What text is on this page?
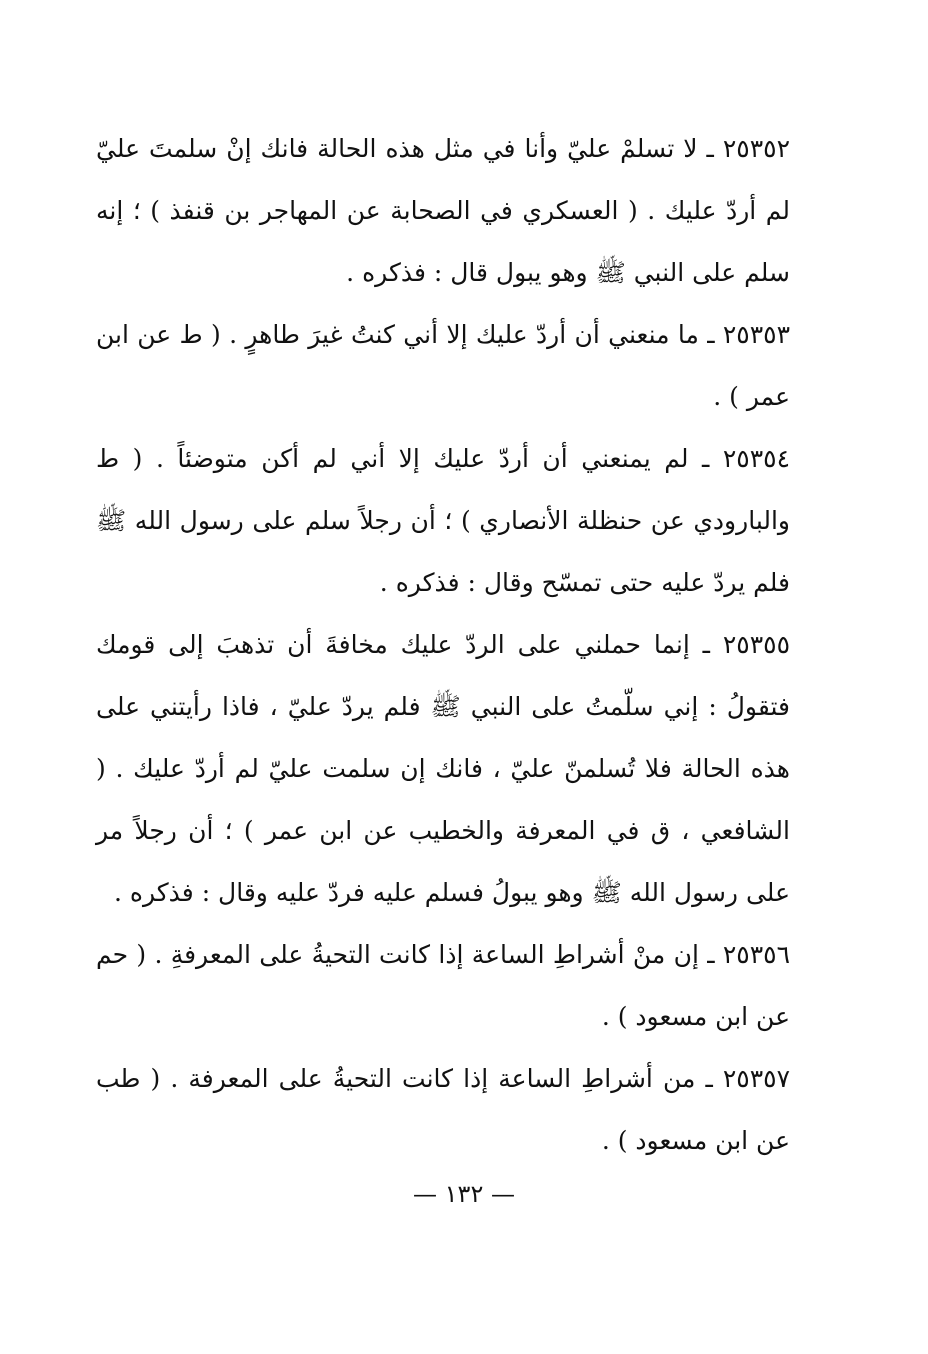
٢٥٣٥٢ ـ لا تسلمْ عليّ وأنا في مثل هذه الحالة فانك إنْ سلمتَ عليّ لم أردّ عليك . ( العسكري في الصحابة عن المهاجر بن قنفذ ) ؛ إنه سلم على النبي ﷺ وهو يبول قال : فذكره .

٢٥٣٥٣ ـ ما منعني أن أردّ عليك إلا أني كنتُ غيرَ طاهرٍ . ( ط عن ابن عمر ) .

٢٥٣٥٤ ـ لم يمنعني أن أردّ عليك إلا أني لم أكن متوضئاً . ( ط والبارودي عن حنظلة الأنصاري ) ؛ أن رجلاً سلم على رسول الله ﷺ فلم يردّ عليه حتى تمسّح وقال : فذكره .

٢٥٣٥٥ ـ إنما حملني على الردّ عليك مخافةَ أن تذهبَ إلى قومك فتقولُ : إني سلّمتُ على النبي ﷺ فلم يردّ عليّ ، فاذا رأيتني على هذه الحالة فلا تُسلمنّ عليّ ، فانك إن سلمت عليّ لم أردّ عليك . ( الشافعي ، ق في المعرفة والخطيب عن ابن عمر ) ؛ أن رجلاً مر على رسول الله ﷺ وهو يبولُ فسلم عليه فردّ عليه وقال : فذكره .

٢٥٣٥٦ ـ إن منْ أشراطِ الساعة إذا كانت التحيةُ على المعرفةِ . ( حم عن ابن مسعود ) .

٢٥٣٥٧ ـ من أشراطِ الساعة إذا كانت التحيةُ على المعرفة . ( طب عن ابن مسعود ) .

— ١٣٢ —
